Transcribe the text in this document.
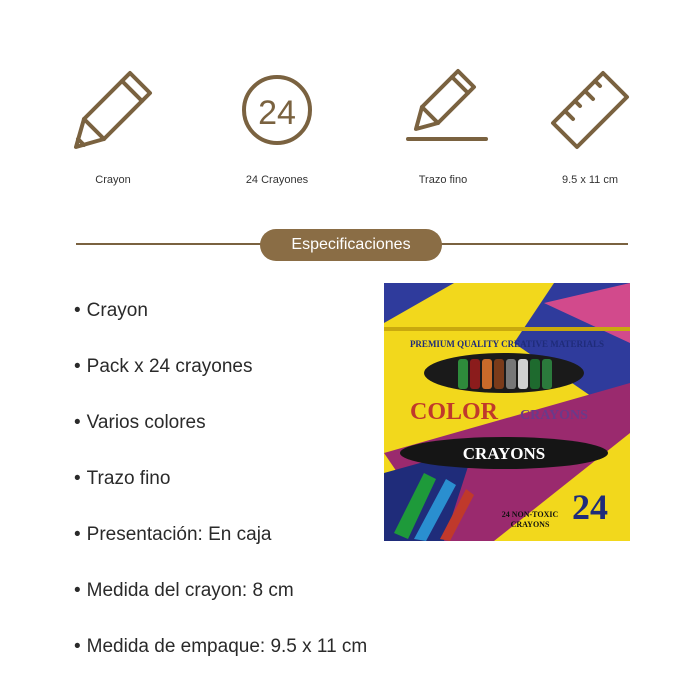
Crayon
24
24 Crayones	Trazo fino	9.5 x 11 cm
Especificaciones
• Crayon
• Pack x 24 crayones
• Varios colores
• Trazo fino
• Presentación: En caja
• Medida del crayon: 8 cm
• Medida de empaque: 9.5 x 11 cm
PREMIUM QUALITY CREATIVE MATERIALS
COLOR CRAYONS
CRAYONS
24 NON-TOXIC
CRAYONS 24
